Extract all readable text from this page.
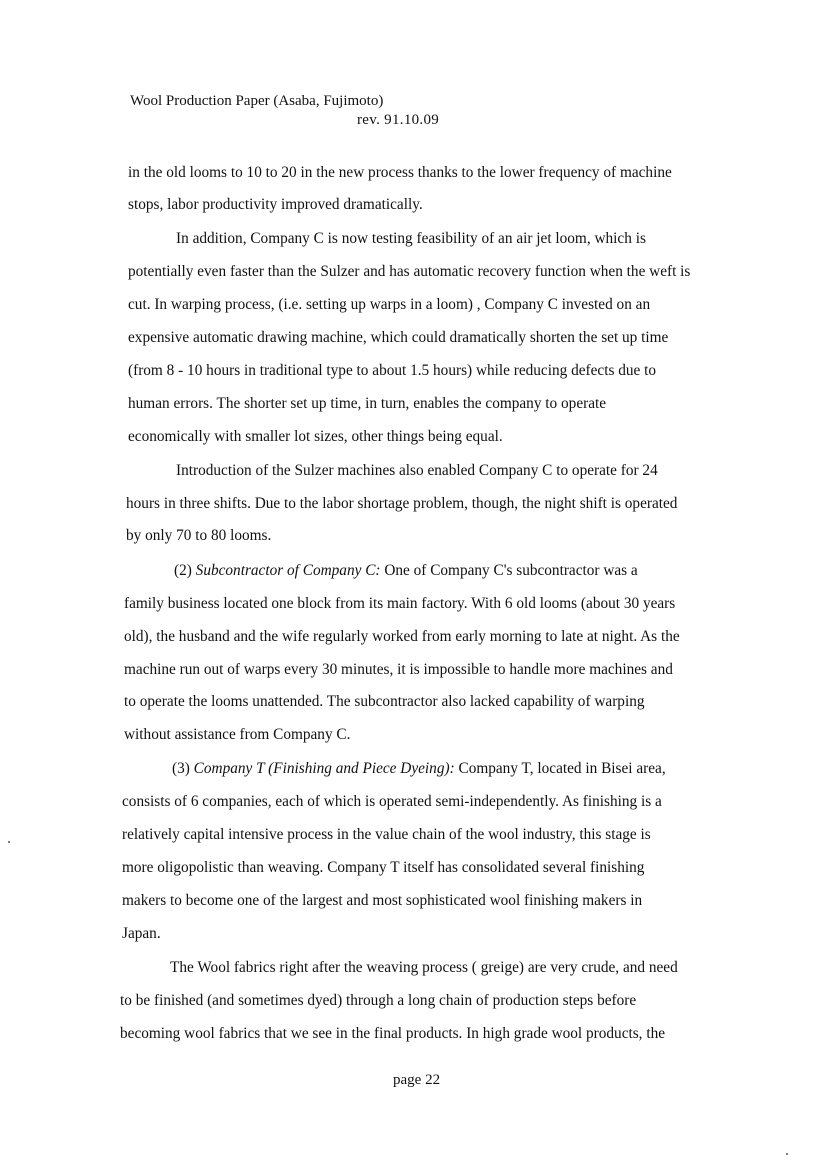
Wool Production Paper (Asaba, Fujimoto)
rev. 91.10.09
in the old looms to 10 to 20 in the new process thanks to the lower frequency of machine
stops, labor productivity improved dramatically.
In addition, Company C is now testing feasibility of an air jet loom, which is
potentially even faster than the Sulzer and has automatic recovery function when the weft is
cut. In warping process, (i.e. setting up warps in a loom) , Company C invested on an
expensive automatic drawing machine, which could dramatically shorten the set up time
(from 8 - 10 hours in traditional type to about 1.5 hours) while reducing defects due to
human errors. The shorter set up time, in turn, enables the company to operate
economically with smaller lot sizes, other things being equal.
Introduction of the Sulzer machines also enabled Company C to operate for 24
hours in three shifts. Due to the labor shortage problem, though, the night shift is operated
by only 70 to 80 looms.
(2) Subcontractor of Company C: One of Company C's subcontractor was a
family business located one block from its main factory. With 6 old looms (about 30 years
old), the husband and the wife regularly worked from early morning to late at night. As the
machine run out of warps every 30 minutes, it is impossible to handle more machines and
to operate the looms unattended. The subcontractor also lacked capability of warping
without assistance from Company C.
(3) Company T (Finishing and Piece Dyeing): Company T, located in Bisei area,
consists of 6 companies, each of which is operated semi-independently. As finishing is a
relatively capital intensive process in the value chain of the wool industry, this stage is
more oligopolistic than weaving. Company T itself has consolidated several finishing
makers to become one of the largest and most sophisticated wool finishing makers in
Japan.
The Wool fabrics right after the weaving process ( greige) are very crude, and need
to be finished (and sometimes dyed) through a long chain of production steps before
becoming wool fabrics that we see in the final products. In high grade wool products, the
page 22
